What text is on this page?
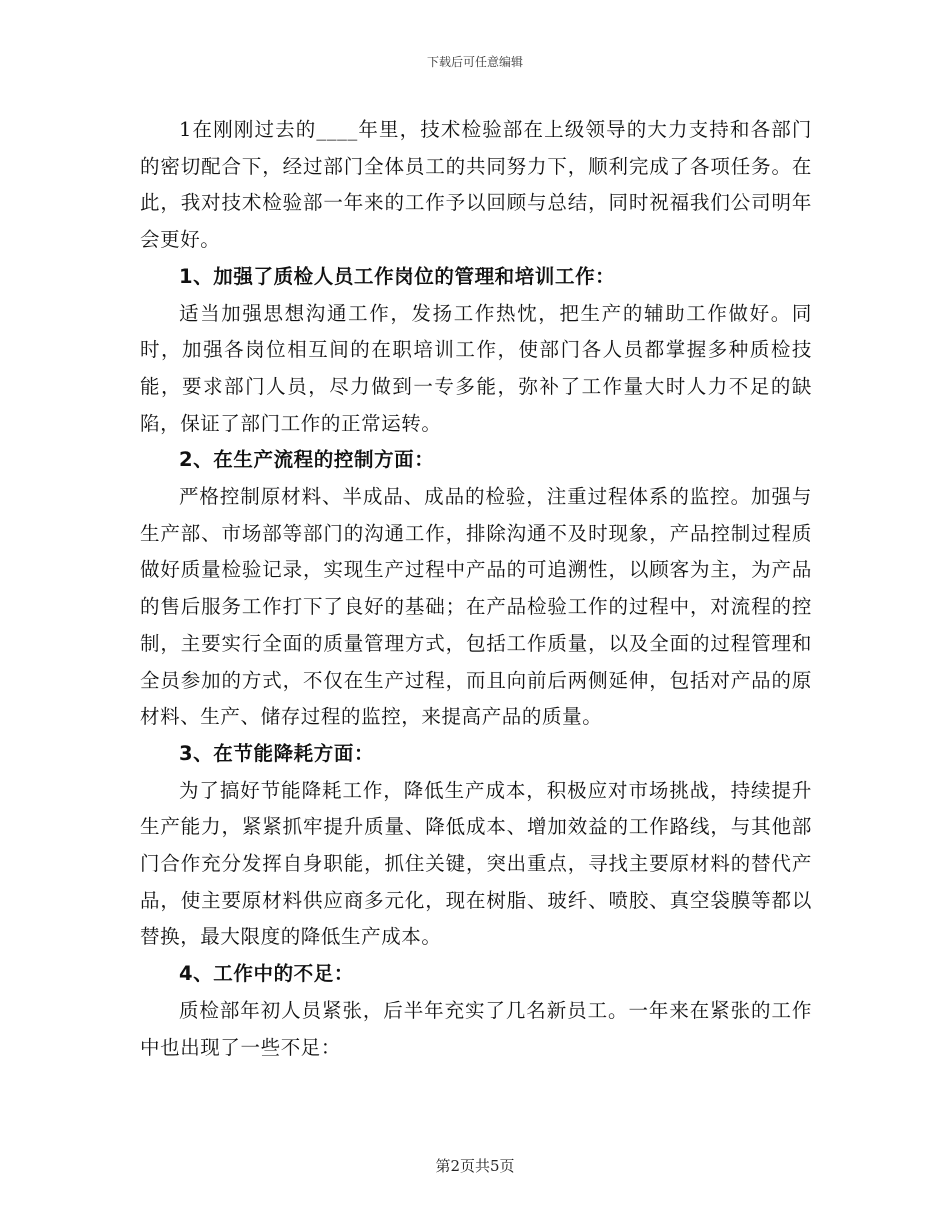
下载后可任意编辑

1在刚刚过去的____年里，技术检验部在上级领导的大力支持和各部门的密切配合下，经过部门全体员工的共同努力下，顺利完成了各项任务。在此，我对技术检验部一年来的工作予以回顾与总结，同时祝福我们公司明年会更好。

1、加强了质检人员工作岗位的管理和培训工作：

适当加强思想沟通工作，发扬工作热忱，把生产的辅助工作做好。同时，加强各岗位相互间的在职培训工作，使部门各人员都掌握多种质检技能，要求部门人员，尽力做到一专多能，弥补了工作量大时人力不足的缺陷，保证了部门工作的正常运转。

2、在生产流程的控制方面：

严格控制原材料、半成品、成品的检验，注重过程体系的监控。加强与生产部、市场部等部门的沟通工作，排除沟通不及时现象，产品控制过程质做好质量检验记录，实现生产过程中产品的可追溯性，以顾客为主，为产品的售后服务工作打下了良好的基础；在产品检验工作的过程中，对流程的控制，主要实行全面的质量管理方式，包括工作质量，以及全面的过程管理和全员参加的方式，不仅在生产过程，而且向前后两侧延伸，包括对产品的原材料、生产、储存过程的监控，来提高产品的质量。

3、在节能降耗方面：

为了搞好节能降耗工作，降低生产成本，积极应对市场挑战，持续提升生产能力，紧紧抓牢提升质量、降低成本、增加效益的工作路线，与其他部门合作充分发挥自身职能，抓住关键，突出重点，寻找主要原材料的替代产品，使主要原材料供应商多元化，现在树脂、玻纤、喷胶、真空袋膜等都以替换，最大限度的降低生产成本。

4、工作中的不足：

质检部年初人员紧张，后半年充实了几名新员工。一年来在紧张的工作中也出现了一些不足：

第2页共5页
